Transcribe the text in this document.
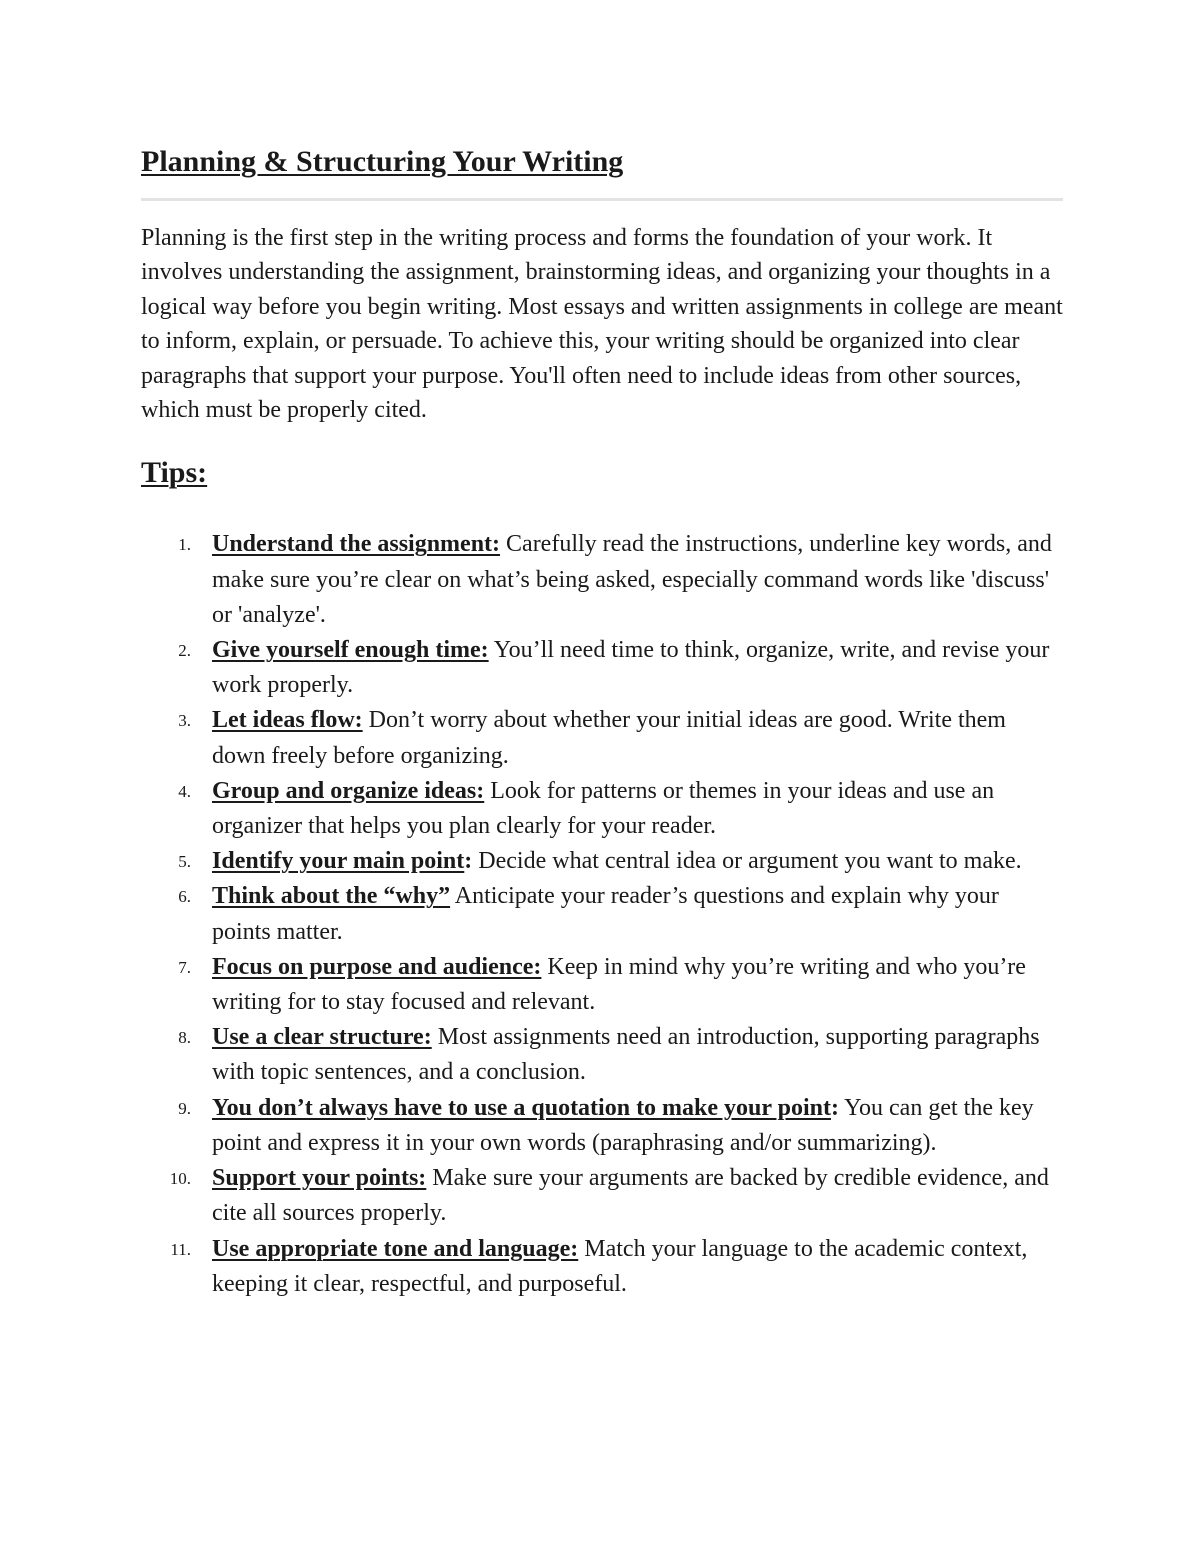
Planning & Structuring Your Writing

Planning is the first step in the writing process and forms the foundation of your work. It involves understanding the assignment, brainstorming ideas, and organizing your thoughts in a logical way before you begin writing. Most essays and written assignments in college are meant to inform, explain, or persuade. To achieve this, your writing should be organized into clear paragraphs that support your purpose. You'll often need to include ideas from other sources, which must be properly cited.

Tips:
1. Understand the assignment: Carefully read the instructions, underline key words, and make sure you’re clear on what’s being asked, especially command words like 'discuss' or 'analyze'.
2. Give yourself enough time: You’ll need time to think, organize, write, and revise your work properly.
3. Let ideas flow: Don’t worry about whether your initial ideas are good. Write them down freely before organizing.
4. Group and organize ideas: Look for patterns or themes in your ideas and use an organizer that helps you plan clearly for your reader.
5. Identify your main point: Decide what central idea or argument you want to make.
6. Think about the “why” Anticipate your reader’s questions and explain why your points matter.
7. Focus on purpose and audience: Keep in mind why you’re writing and who you’re writing for to stay focused and relevant.
8. Use a clear structure: Most assignments need an introduction, supporting paragraphs with topic sentences, and a conclusion.
9. You don’t always have to use a quotation to make your point: You can get the key point and express it in your own words (paraphrasing and/or summarizing).
10. Support your points: Make sure your arguments are backed by credible evidence, and cite all sources properly.
11. Use appropriate tone and language: Match your language to the academic context, keeping it clear, respectful, and purposeful.
